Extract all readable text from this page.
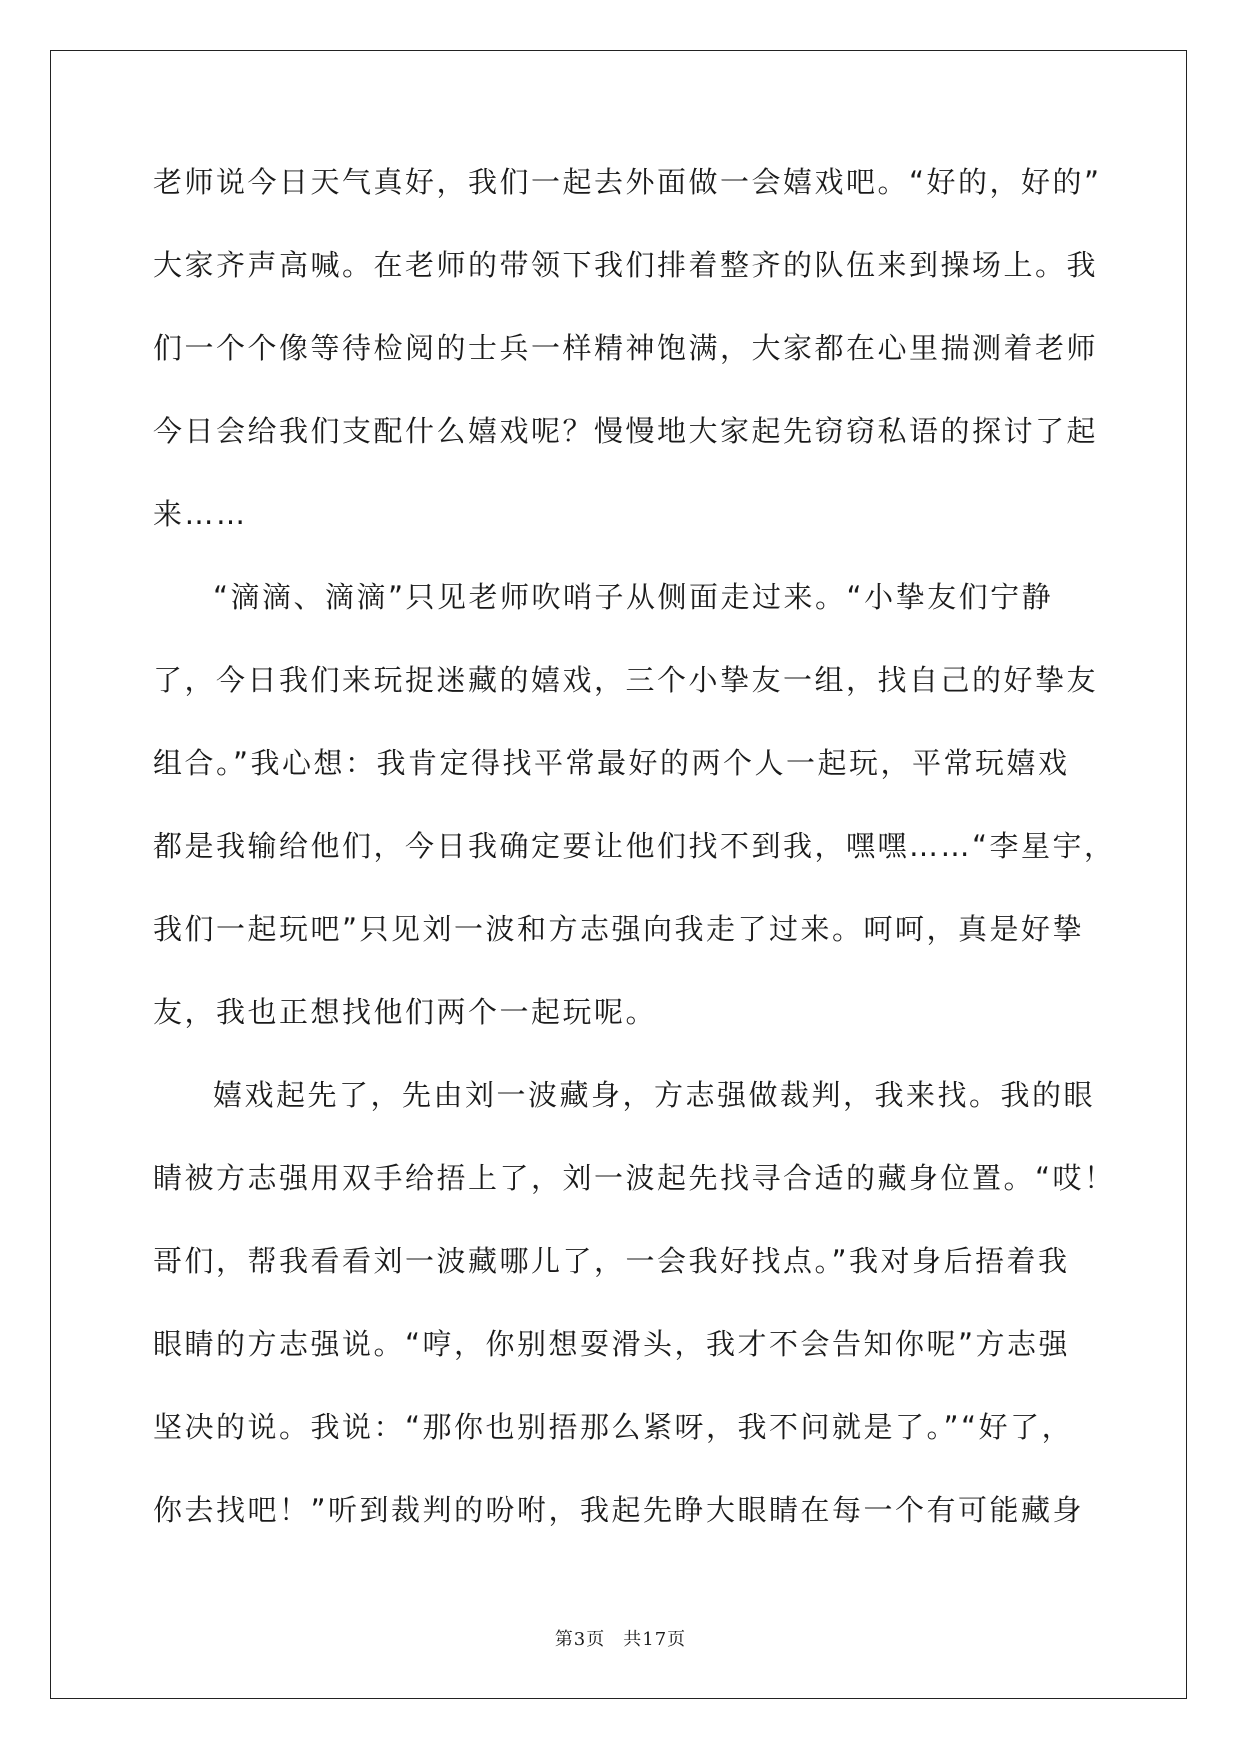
老师说今日天气真好，我们一起去外面做一会嬉戏吧。“好的，好的”
大家齐声高喊。在老师的带领下我们排着整齐的队伍来到操场上。我
们一个个像等待检阅的士兵一样精神饱满，大家都在心里揣测着老师
今日会给我们支配什么嬉戏呢？慢慢地大家起先窃窃私语的探讨了起
来……
“滴滴、滴滴”只见老师吹哨子从侧面走过来。“小挚友们宁静
了，今日我们来玩捉迷藏的嬉戏，三个小挚友一组，找自己的好挚友
组合。”我心想：我肯定得找平常最好的两个人一起玩，平常玩嬉戏
都是我输给他们，今日我确定要让他们找不到我，嘿嘿……“李星宇，
我们一起玩吧”只见刘一波和方志强向我走了过来。呵呵，真是好挚
友，我也正想找他们两个一起玩呢。
嬉戏起先了，先由刘一波藏身，方志强做裁判，我来找。我的眼
睛被方志强用双手给捂上了，刘一波起先找寻合适的藏身位置。“哎！
哥们，帮我看看刘一波藏哪儿了，一会我好找点。”我对身后捂着我
眼睛的方志强说。“哼，你别想耍滑头，我才不会告知你呢”方志强
坚决的说。我说：“那你也别捂那么紧呀，我不问就是了。”“好了，
你去找吧！”听到裁判的吩咐，我起先睁大眼睛在每一个有可能藏身
第3页 共17页
